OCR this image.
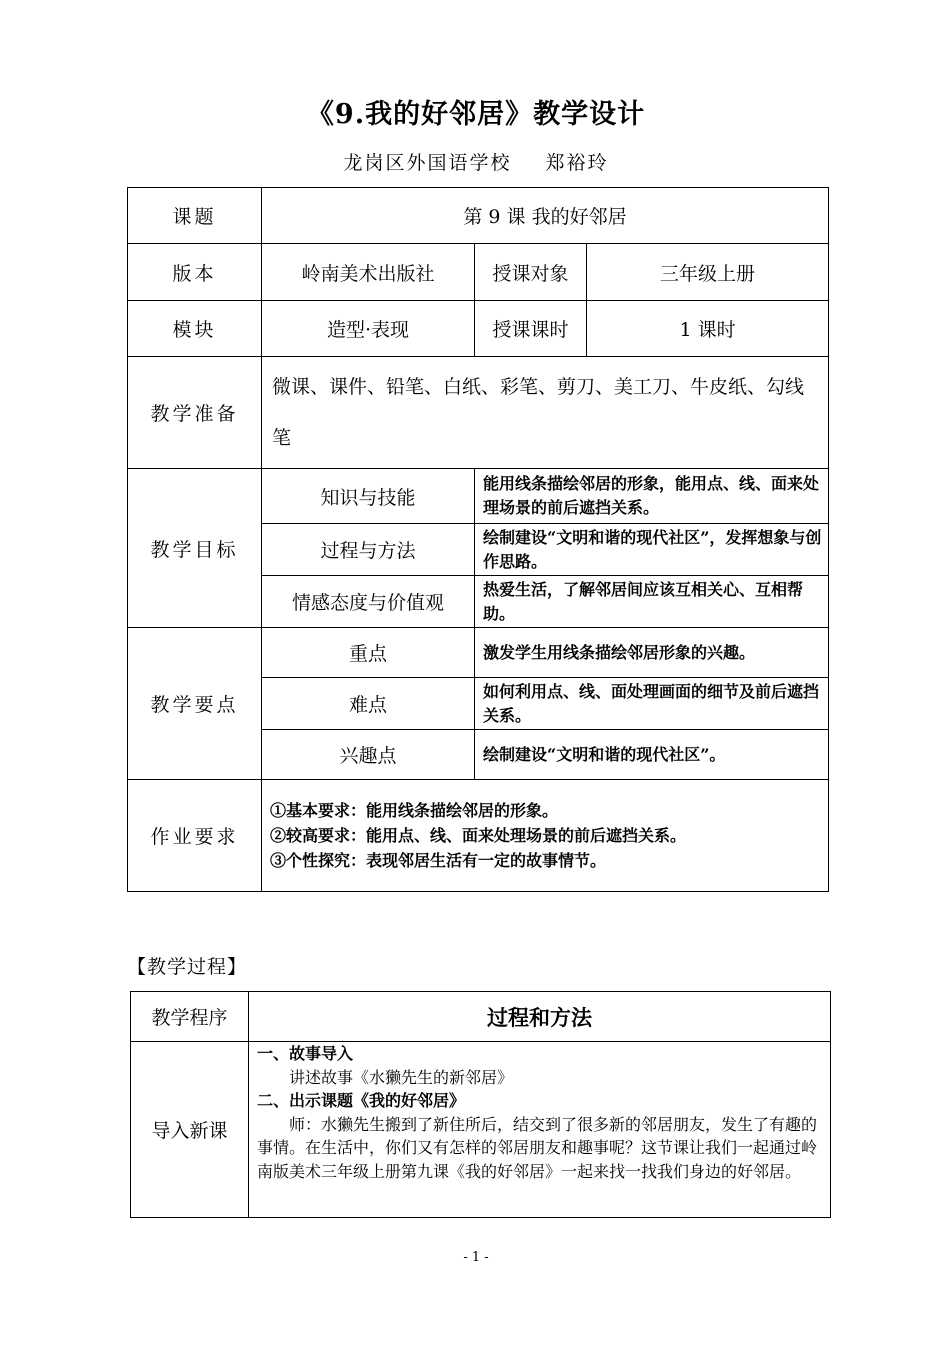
《9.我的好邻居》教学设计
龙岗区外国语学校 郑裕玲
课题	第 9 课 我的好邻居		
版本	岭南美术出版社	授课对象	三年级上册
模块	造型·表现	授课课时	1 课时
教学准备	微课、课件、铅笔、白纸、彩笔、剪刀、美工刀、牛皮纸、勾线笔		
教学目标	知识与技能	能用线条描绘邻居的形象，能用点、线、面来处理场景的前后遮挡关系。	
	过程与方法	绘制建设“文明和谐的现代社区”，发挥想象与创作思路。	
	情感态度与价值观	热爱生活，了解邻居间应该互相关心、互相帮助。	
教学要点	重点	激发学生用线条描绘邻居形象的兴趣。	
	难点	如何利用点、线、面处理画面的细节及前后遮挡关系。	
	兴趣点	绘制建设“文明和谐的现代社区”。	
作业要求	①基本要求：能用线条描绘邻居的形象。
②较高要求：能用点、线、面来处理场景的前后遮挡关系。
③个性探究：表现邻居生活有一定的故事情节。		
【教学过程】
教学程序	过程和方法
导入新课	一、故事导入
讲述故事《水獭先生的新邻居》
二、出示课题《我的好邻居》
师：水獭先生搬到了新住所后，结交到了很多新的邻居朋友，发生了有趣的事情。在生活中，你们又有怎样的邻居朋友和趣事呢？这节课让我们一起通过岭南版美术三年级上册第九课《我的好邻居》一起来找一找我们身边的好邻居。
- 1 -
